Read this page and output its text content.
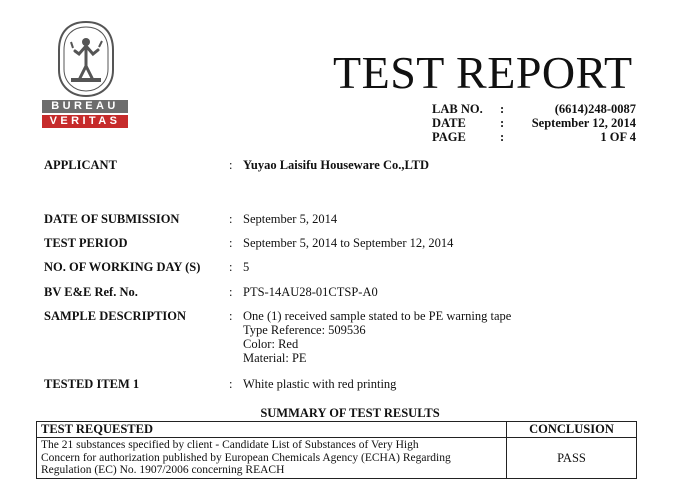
BUREAU
VERITAS
TEST REPORT
LAB NO. :	(6614)248-0087
DATE	: September 12, 2014
PAGE	:	1 OF 4
APPLICANT	: Yuyao Laisifu Houseware Co.,LTD
DATE OF SUBMISSION	: September 5, 2014
TEST PERIOD	: September 5, 2014 to September 12, 2014
NO. OF WORKING DAY (S) : 5
BV E&E Ref. No.	: PTS-14AU28-01CTSP-A0
SAMPLE DESCRIPTION	: One (1) received sample stated to be PE warning tape
Type Reference: 509536
Color: Red
Material: PE
TESTED ITEM 1	: White plastic with red printing
SUMMARY OF TEST RESULTS
TEST REQUESTED	CONCLUSION

The 21 substances specified by client - Candidate List of Substances of Very High
Concern for authorization published by European Chemicals Agency (ECHA) Regarding
Regulation (EC) No. 1907/2006 concerning REACH	PASS
